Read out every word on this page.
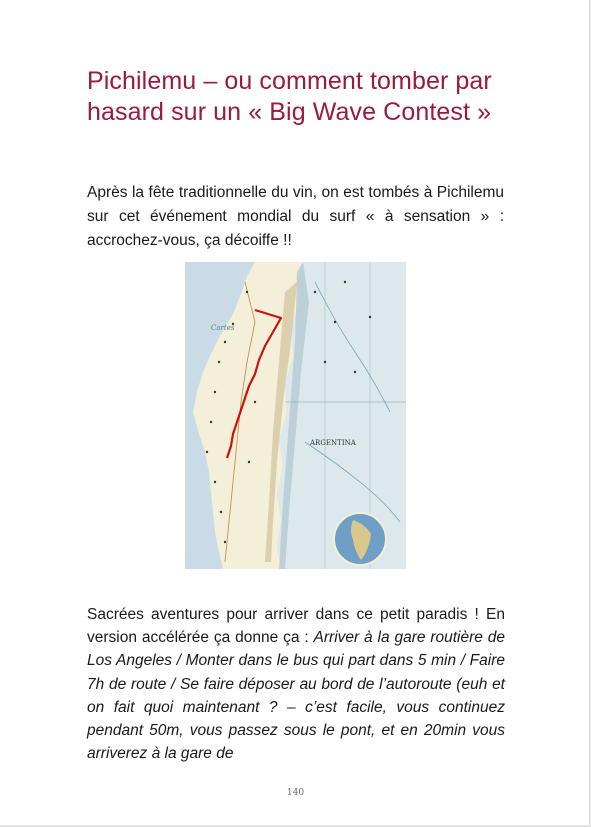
Pichilemu – ou comment tomber par hasard sur un « Big Wave Contest »

Après la fête traditionnelle du vin, on est tombés à Pichilemu sur cet événement mondial du surf « à sensation » : accrochez-vous, ça décoiffe !!

ARGENTINA
Cartes

Sacrées aventures pour arriver dans ce petit paradis ! En version accélérée ça donne ça : Arriver à la gare routière de Los Angeles / Monter dans le bus qui part dans 5 min / Faire 7h de route / Se faire déposer au bord de l’autoroute (euh et on fait quoi maintenant ? – c’est facile, vous continuez pendant 50m, vous passez sous le pont, et en 20min vous arriverez à la gare de

140
